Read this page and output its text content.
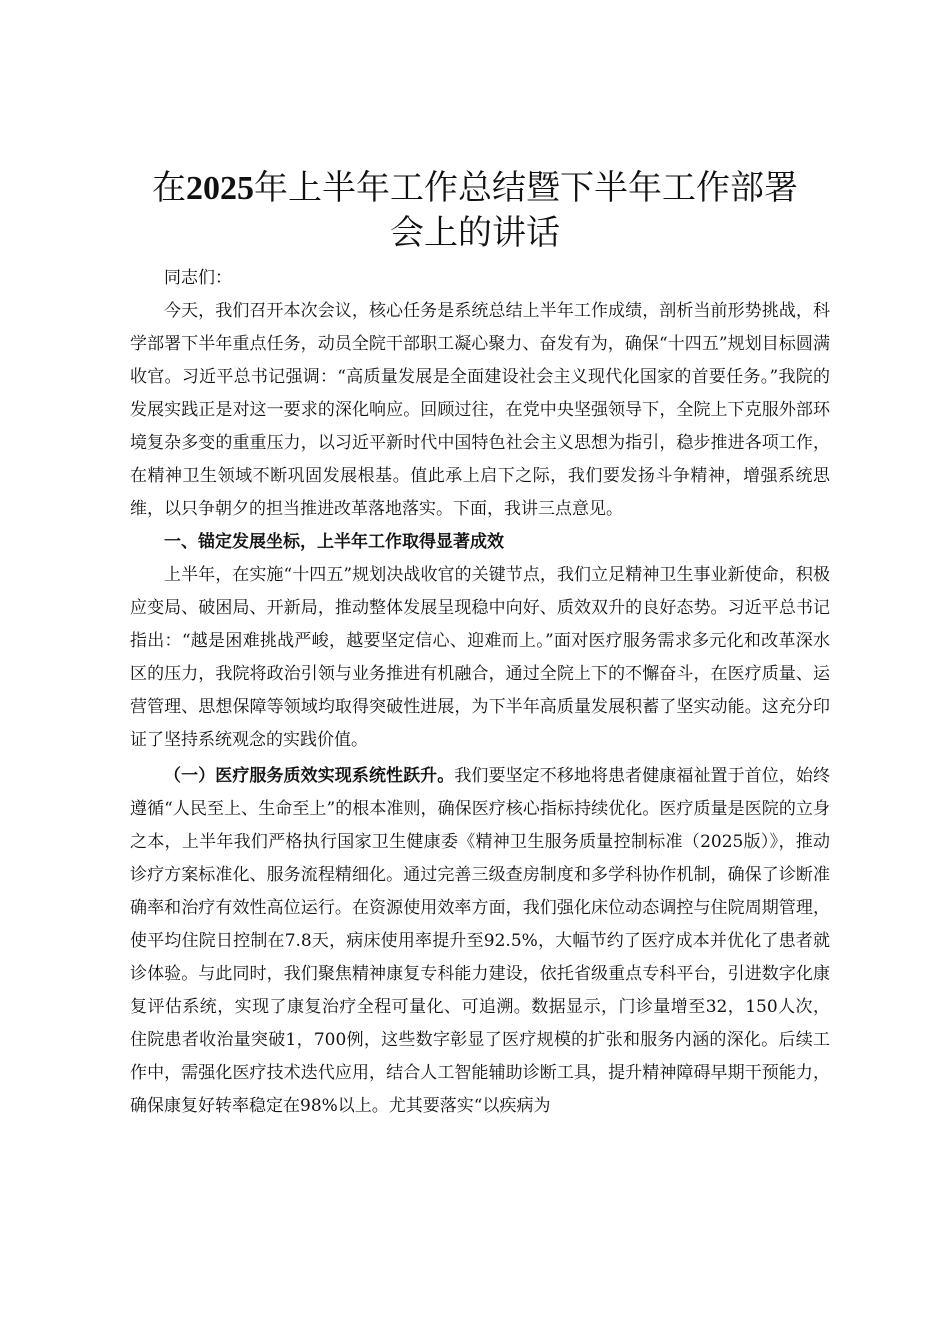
在2025年上半年工作总结暨下半年工作部署
会上的讲话

同志们：

今天，我们召开本次会议，核心任务是系统总结上半年工作成绩，剖析当前形势挑战，科学部署下半年重点任务，动员全院干部职工凝心聚力、奋发有为，确保“十四五”规划目标圆满收官。习近平总书记强调：“高质量发展是全面建设社会主义现代化国家的首要任务。”我院的发展实践正是对这一要求的深化响应。回顾过往，在党中央坚强领导下，全院上下克服外部环境复杂多变的重重压力，以习近平新时代中国特色社会主义思想为指引，稳步推进各项工作，在精神卫生领域不断巩固发展根基。值此承上启下之际，我们要发扬斗争精神，增强系统思维，以只争朝夕的担当推进改革落地落实。下面，我讲三点意见。

一、锚定发展坐标，上半年工作取得显著成效

上半年，在实施“十四五”规划决战收官的关键节点，我们立足精神卫生事业新使命，积极应变局、破困局、开新局，推动整体发展呈现稳中向好、质效双升的良好态势。习近平总书记指出：“越是困难挑战严峻，越要坚定信心、迎难而上。”面对医疗服务需求多元化和改革深水区的压力，我院将政治引领与业务推进有机融合，通过全院上下的不懈奋斗，在医疗质量、运营管理、思想保障等领域均取得突破性进展，为下半年高质量发展积蓄了坚实动能。这充分印证了坚持系统观念的实践价值。

（一）医疗服务质效实现系统性跃升。我们要坚定不移地将患者健康福祉置于首位，始终遵循“人民至上、生命至上”的根本准则，确保医疗核心指标持续优化。医疗质量是医院的立身之本，上半年我们严格执行国家卫生健康委《精神卫生服务质量控制标准（2025版）》，推动诊疗方案标准化、服务流程精细化。通过完善三级查房制度和多学科协作机制，确保了诊断准确率和治疗有效性高位运行。在资源使用效率方面，我们强化床位动态调控与住院周期管理，使平均住院日控制在7.8天，病床使用率提升至92.5%，大幅节约了医疗成本并优化了患者就诊体验。与此同时，我们聚焦精神康复专科能力建设，依托省级重点专科平台，引进数字化康复评估系统，实现了康复治疗全程可量化、可追溯。数据显示，门诊量增至32，150人次，住院患者收治量突破1，700例，这些数字彰显了医疗规模的扩张和服务内涵的深化。后续工作中，需强化医疗技术迭代应用，结合人工智能辅助诊断工具，提升精神障碍早期干预能力，确保康复好转率稳定在98%以上。尤其要落实“以疾病为
